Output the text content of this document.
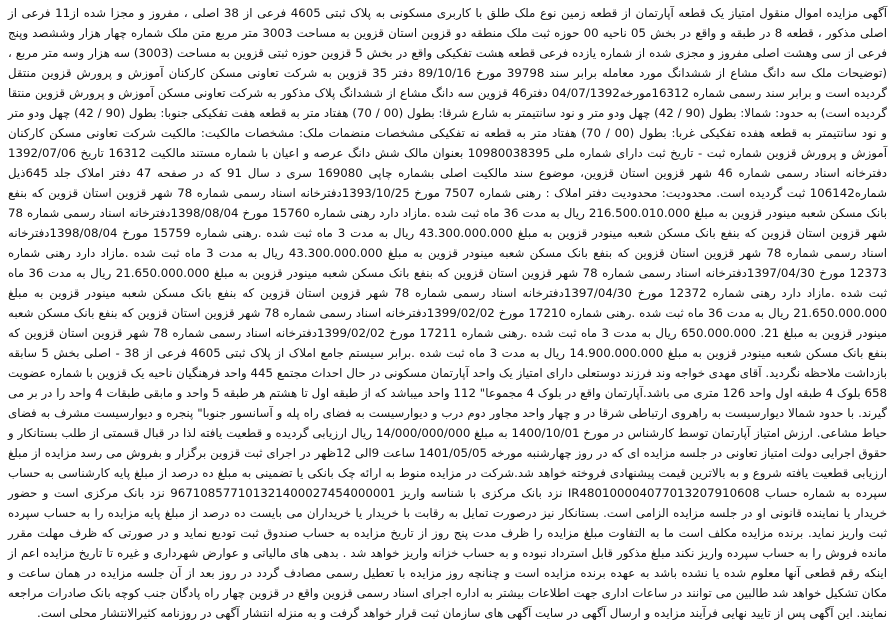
آگهی مزایده اموال منقول امتیاز یک قطعه آپارتمان از قطعه زمین نوع ملک طلق با کاربری مسکونی به پلاک ثبتی 4605 فرعی از 38 اصلی ، مفروز و مجزا شده از11 فرعی از اصلی مذکور ، قطعه 8 در طبقه و واقع در بخش 05 ناحیه 00 حوزه ثبت ملک منطقه دو قزوین استان قزوین به مساحت 3003 متر مربع متن ملک شماره چهار هزار وششصد وپنج فرعی از سی وهشت اصلی مفروز و مجزی شده از شماره یازده فرعی قطعه هشت تفکیکی واقع در بخش 5 قزوین حوزه ثبتی قزوین به مساحت (3003) سه هزار وسه متر مربع ، (توضیحات ملک سه دانگ مشاع از ششدانگ مورد معامله برابر سند 39798 مورخ 89/10/16 دفتر 35 قزوین به شرکت تعاونی مسکن کارکنان آموزش و پرورش قزوین منتقل گردیده است و برابر سند رسمی شماره 16312مورخه04/07/1392 دفتر46 قزوین سه دانگ مشاع از ششدانگ پلاک مذکور به شرکت تعاونی مسکن آموزش و پرورش قزوین منتقا گردیده است) به حدود: شمالا: بطول (90 / 42) چهل ودو متر و نود سانتیمتر به شارع شرقا: بطول (00 / 70) هفتاد متر به قطعه هفت تفکیکی جنوبا: بطول (90 / 42) چهل ودو متر و نود سانتیمتر به قطعه هفده تفکیکی غربا: بطول (00 / 70) هفتاد متر به قطعه نه تفکیکی مشخصات منضمات ملک: مشخصات مالکیت: مالکیت شرکت تعاونی مسکن کارکنان آموزش و پرورش قزوین شماره ثبت - تاریخ ثبت دارای شماره ملی 10980038395 بعنوان مالک شش دانگ عرصه و اعیان با شماره مستند مالکیت 16312 تاریخ 1392/07/06 دفترخانه اسناد رسمی شماره 46 شهر قزوین استان قزوین، موضوع سند مالکیت اصلی بشماره چاپی 169080 سری د سال 91 که در صفحه 47 دفتر املاک جلد 645ذیل شماره106142 ثبت گردیده است. محدودیت: محدودیت دفتر املاک : رهنی شماره 7507 مورخ 1393/10/25دفترخانه اسناد رسمی شماره 78 شهر قزوین استان قزوین که بنفع بانک مسکن شعبه مینودر قزوین به مبلغ 216.500.010.000 ریال به مدت 36 ماه ثبت شده .مازاد دارد رهنی شماره 15760 مورخ 1398/08/04دفترخانه اسناد رسمی شماره 78 شهر قزوین استان قزوین که بنفع بانک مسکن شعبه مینودر قزوین به مبلغ 43.300.000.000 ریال به مدت 3 ماه ثبت شده .رهنی شماره 15759 مورخ 1398/08/04دفترخانه اسناد رسمی شماره 78 شهر قزوین استان قزوین که بنفع بانک مسکن شعبه مینودر قزوین به مبلغ 43.300.000.000 ریال به مدت 3 ماه ثبت شده .مازاد دارد رهنی شماره 12373 مورخ 1397/04/30دفترخانه اسناد رسمی شماره 78 شهر قزوین استان قزوین که بنفع بانک مسکن شعبه مینودر قزوین به مبلغ 21.650.000.000 ریال به مدت 36 ماه ثبت شده .مازاد دارد رهنی شماره 12372 مورخ 1397/04/30دفترخانه اسناد رسمی شماره 78 شهر قزوین استان قزوین که بنفع بانک مسکن شعبه مینودر قزوین به مبلغ 21.650.000.000 ریال به مدت 36 ماه ثبت شده .رهنی شماره 17210 مورخ 1399/02/02دفترخانه اسناد رسمی شماره 78 شهر قزوین استان قزوین که بنفع بانک مسکن شعبه مینودر قزوین به مبلغ 21. 650.000.000 ریال به مدت 3 ماه ثبت شده .رهنی شماره 17211 مورخ 1399/02/02دفترخانه اسناد رسمی شماره 78 شهر قزوین استان قزوین که بنفع بانک مسکن شعبه مینودر قزوین به مبلغ 14.900.000.000 ریال به مدت 3 ماه ثبت شده .برابر سیستم جامع املاک از پلاک ثبتی 4605 فرعی از 38 - اصلی بخش 5 سابقه بازداشت ملاحظه نگردید. آقای مهدی خواجه وند فرزند دوستعلی دارای امتیاز یک واحد آپارتمان مسکونی در حال احداث مجتمع 445 واحد فرهنگیان ناحیه یک قزوین با شماره عضویت 658 بلوک 4 طبقه اول واحد 126 متری می باشد.آپارتمان واقع در بلوک 4 مجموعا" 112 واحد میباشد که از طبقه اول تا هشتم هر طبقه 5 واحد و مابقی طبقات 4 واحد را در بر می گیرند. با حدود شمالا دیوارسیست به راهروی ارتباطی شرقا در و چهار واحد مجاور دوم درب و دیوارسیست به فضای راه پله و آسانسور جنوبا" پنجره و دیوارسیست مشرف به فضای حیاط مشاعی. ارزش امتیاز آپارتمان توسط کارشناس در مورخ 1400/10/01 به مبلغ 14/000/000/000 ریال ارزیابی گردیده و قطعیت یافته لذا در قبال قسمتی از طلب بستانکار و حقوق اجرایی دولت امتیاز تعاونی در جلسه مزایده ای که در روز چهارشنبه مورخه 1401/05/05 ساعت 9الی 12ظهر در اجرای ثبت قزوین برگزار و بفروش می رسد مزایده از مبلغ ارزیابی قطعیت یافته شروع و به بالاترین قیمت پیشنهادی فروخته خواهد شد.شرکت در مزایده منوط به ارائه چک بانکی یا تضمینی به مبلغ ده درصد از مبلغ پایه کارشناسی به حساب سپرده به شماره حساب IR480100004077013207910608 نزد بانک مرکزی با شناسه واریز 967108577101321400027454000001 نزد بانک مرکزی است و حضور خریدار یا نماینده قانونی او در جلسه مزایده الزامی است. بستانکار نیز درصورت تمایل به رقابت با خریدار یا خریداران می بایست ده درصد از مبلغ پایه مزایده را به حساب سپرده ثبت واریز نماید. برنده مزایده مکلف است ما به التفاوت مبلغ مزایده را ظرف مدت پنج روز از تاریخ مزایده به حساب صندوق ثبت تودیع نماید و در صورتی که ظرف مهلت مقرر مانده فروش را به حساب سپرده واریز نکند مبلغ مذکور قابل استرداد نبوده و به حساب خزانه واریز خواهد شد . بدهی های مالیاتی و عوارض شهرداری و غیره تا تاریخ مزایده اعم از اینکه رقم قطعی آنها معلوم شده یا نشده باشد به عهده برنده مزایده است و چنانچه روز مزایده با تعطیل رسمی مصادف گردد در روز بعد از آن جلسه مزایده در همان ساعت و مکان تشکیل خواهد شد طالبین می توانند در ساعات اداری جهت اطلاعات بیشتر به اداره اجرای اسناد رسمی قزوین واقع در قزوین چهار راه پادگان جنب کوچه بانک صادرات مراجعه نمایند. این آگهی پس از تایید نهایی فرآیند مزایده و ارسال آگهی در سایت آگهی های سازمان ثبت قرار خواهد گرفت و به منزله انتشار آگهی در روزنامه کثیرالانتشار محلی است.
